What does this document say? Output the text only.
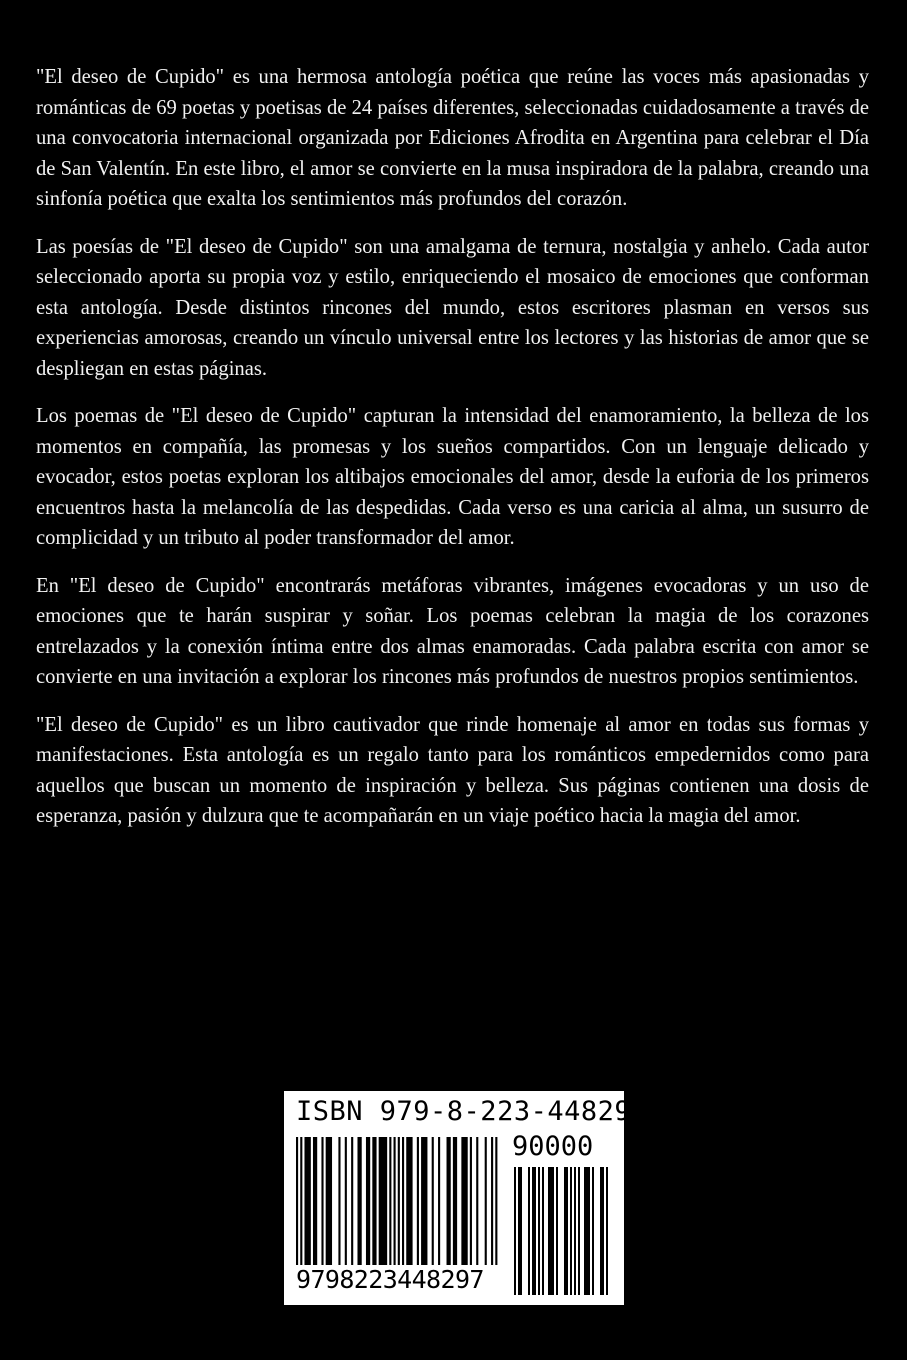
"El deseo de Cupido" es una hermosa antología poética que reúne las voces más apasionadas y románticas de 69 poetas y poetisas de 24 países diferentes, seleccionadas cuidadosamente a través de una convocatoria internacional organizada por Ediciones Afrodita en Argentina para celebrar el Día de San Valentín. En este libro, el amor se convierte en la musa inspiradora de la palabra, creando una sinfonía poética que exalta los sentimientos más profundos del corazón.

Las poesías de "El deseo de Cupido" son una amalgama de ternura, nostalgia y anhelo. Cada autor seleccionado aporta su propia voz y estilo, enriqueciendo el mosaico de emociones que conforman esta antología. Desde distintos rincones del mundo, estos escritores plasman en versos sus experiencias amorosas, creando un vínculo universal entre los lectores y las historias de amor que se despliegan en estas páginas.

Los poemas de "El deseo de Cupido" capturan la intensidad del enamoramiento, la belleza de los momentos en compañía, las promesas y los sueños compartidos. Con un lenguaje delicado y evocador, estos poetas exploran los altibajos emocionales del amor, desde la euforia de los primeros encuentros hasta la melancolía de las despedidas. Cada verso es una caricia al alma, un susurro de complicidad y un tributo al poder transformador del amor.

En "El deseo de Cupido" encontrarás metáforas vibrantes, imágenes evocadoras y un uso de emociones que te harán suspirar y soñar. Los poemas celebran la magia de los corazones entrelazados y la conexión íntima entre dos almas enamoradas. Cada palabra escrita con amor se convierte en una invitación a explorar los rincones más profundos de nuestros propios sentimientos.

"El deseo de Cupido" es un libro cautivador que rinde homenaje al amor en todas sus formas y manifestaciones. Esta antología es un regalo tanto para los románticos empedernidos como para aquellos que buscan un momento de inspiración y belleza. Sus páginas contienen una dosis de esperanza, pasión y dulzura que te acompañarán en un viaje poético hacia la magia del amor.

ISBN 979-8-223-44829-7
90000
9798223448297
